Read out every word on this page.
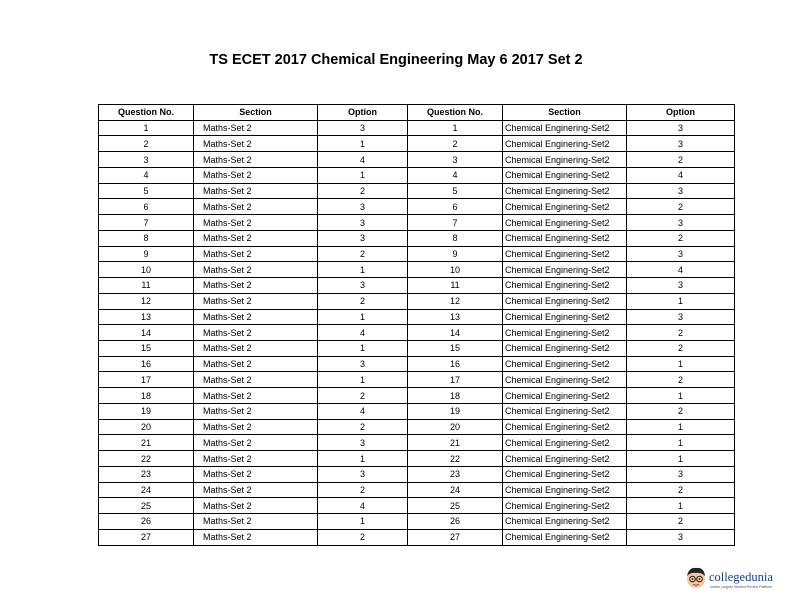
TS ECET 2017 Chemical Engineering May 6 2017 Set 2
Question No.	Section	Option	Question No.	Section	Option
1	Maths-Set 2	3	1	Chemical Enginering-Set2	3
2	Maths-Set 2	1	2	Chemical Enginering-Set2	3
3	Maths-Set 2	4	3	Chemical Enginering-Set2	2
4	Maths-Set 2	1	4	Chemical Enginering-Set2	4
5	Maths-Set 2	2	5	Chemical Enginering-Set2	3
6	Maths-Set 2	3	6	Chemical Enginering-Set2	2
7	Maths-Set 2	3	7	Chemical Enginering-Set2	3
8	Maths-Set 2	3	8	Chemical Enginering-Set2	2
9	Maths-Set 2	2	9	Chemical Enginering-Set2	3
10	Maths-Set 2	1	10	Chemical Enginering-Set2	4
11	Maths-Set 2	3	11	Chemical Enginering-Set2	3
12	Maths-Set 2	2	12	Chemical Enginering-Set2	1
13	Maths-Set 2	1	13	Chemical Enginering-Set2	3
14	Maths-Set 2	4	14	Chemical Enginering-Set2	2
15	Maths-Set 2	1	15	Chemical Enginering-Set2	2
16	Maths-Set 2	3	16	Chemical Enginering-Set2	1
17	Maths-Set 2	1	17	Chemical Enginering-Set2	2
18	Maths-Set 2	2	18	Chemical Enginering-Set2	1
19	Maths-Set 2	4	19	Chemical Enginering-Set2	2
20	Maths-Set 2	2	20	Chemical Enginering-Set2	1
21	Maths-Set 2	3	21	Chemical Enginering-Set2	1
22	Maths-Set 2	1	22	Chemical Enginering-Set2	1
23	Maths-Set 2	3	23	Chemical Enginering-Set2	3
24	Maths-Set 2	2	24	Chemical Enginering-Set2	2
25	Maths-Set 2	4	25	Chemical Enginering-Set2	1
26	Maths-Set 2	1	26	Chemical Enginering-Set2	2
27	Maths-Set 2	2	27	Chemical Enginering-Set2	3
collegedunia
India's Largest Student Review Platform
